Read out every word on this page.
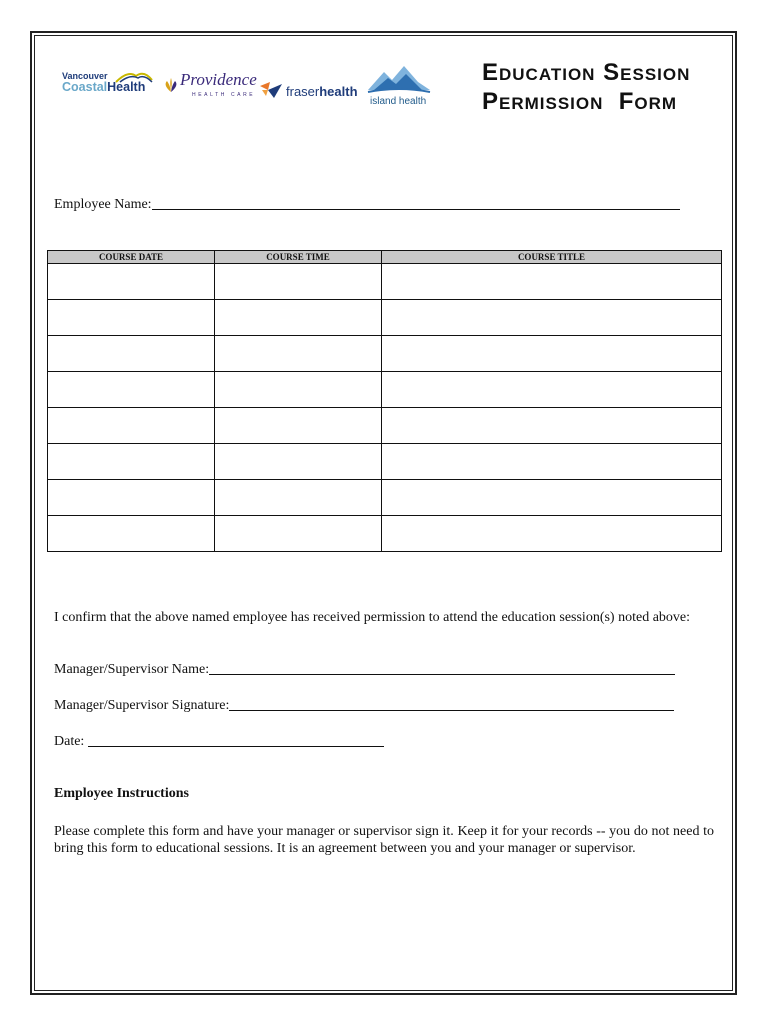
Vancouver
CoastalHealth Providence
HEALTH CARE fraserhealth
island health
Education Session
Permission  Form
Employee Name:
COURSE DATE	COURSE TIME	COURSE TITLE

I confirm that the above named employee has received permission to attend the education session(s) noted above:
Manager/Supervisor Name:
Manager/Supervisor Signature:
Date:
Employee Instructions
Please complete this form and have your manager or supervisor sign it. Keep it for your records -- you do not need to bring this form to educational sessions. It is an agreement between you and your manager or supervisor.
